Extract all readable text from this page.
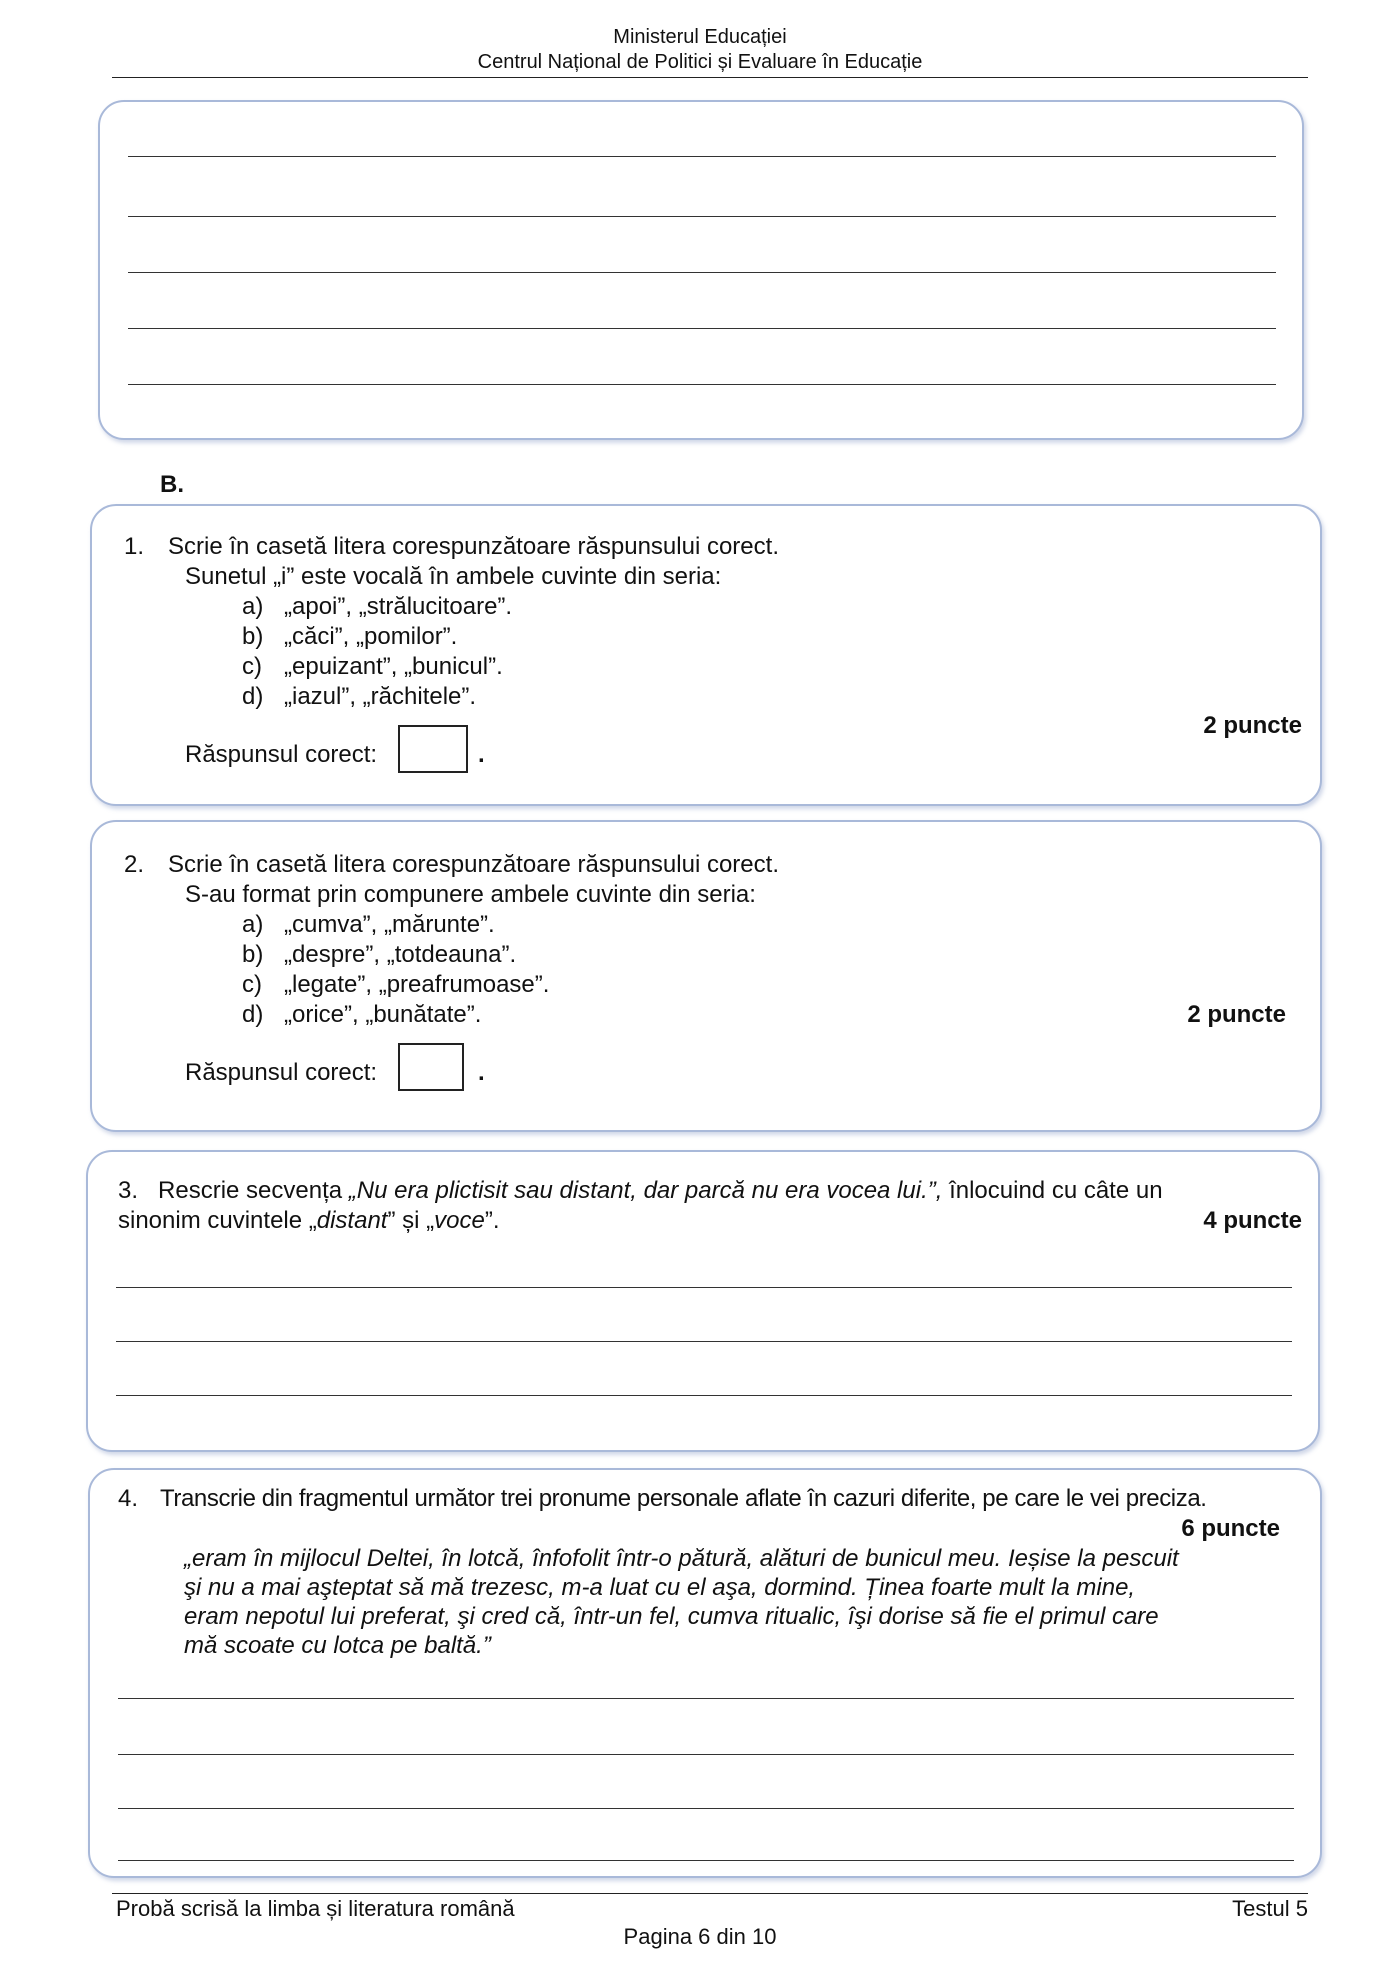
Ministerul Educației
Centrul Național de Politici și Evaluare în Educație
B.
1. Scrie în casetă litera corespunzătoare răspunsului corect.
Sunetul „i” este vocală în ambele cuvinte din seria:
a) „apoi”, „strălucitoare”.
b) „căci”, „pomilor”.
c) „epuizant”, „bunicul”.
d) „iazul”, „răchitele”.
2 puncte
Răspunsul corect:	.
2. Scrie în casetă litera corespunzătoare răspunsului corect.
S-au format prin compunere ambele cuvinte din seria:
a) „cumva”, „mărunte”.
b) „despre”, „totdeauna”.
c) „legate”, „preafrumoase”.
d) „orice”, „bunătate”.	2 puncte
Răspunsul corect:	.
3. Rescrie secvența „Nu era plictisit sau distant, dar parcă nu era vocea lui.”, înlocuind cu câte un
sinonim cuvintele „distant” și „voce”.	4 puncte
4. Transcrie din fragmentul următor trei pronume personale aflate în cazuri diferite, pe care le vei preciza.
6 puncte
„eram în mijlocul Deltei, în lotcă, înfofolit într-o pătură, alături de bunicul meu. Ieșise la pescuit
şi nu a mai aşteptat să mă trezesc, m-a luat cu el aşa, dormind. Ținea foarte mult la mine,
eram nepotul lui preferat, şi cred că, într-un fel, cumva ritualic, îşi dorise să fie el primul care
mă scoate cu lotca pe baltă.”
Probă scrisă la limba și literatura română	Testul 5
Pagina 6 din 10
